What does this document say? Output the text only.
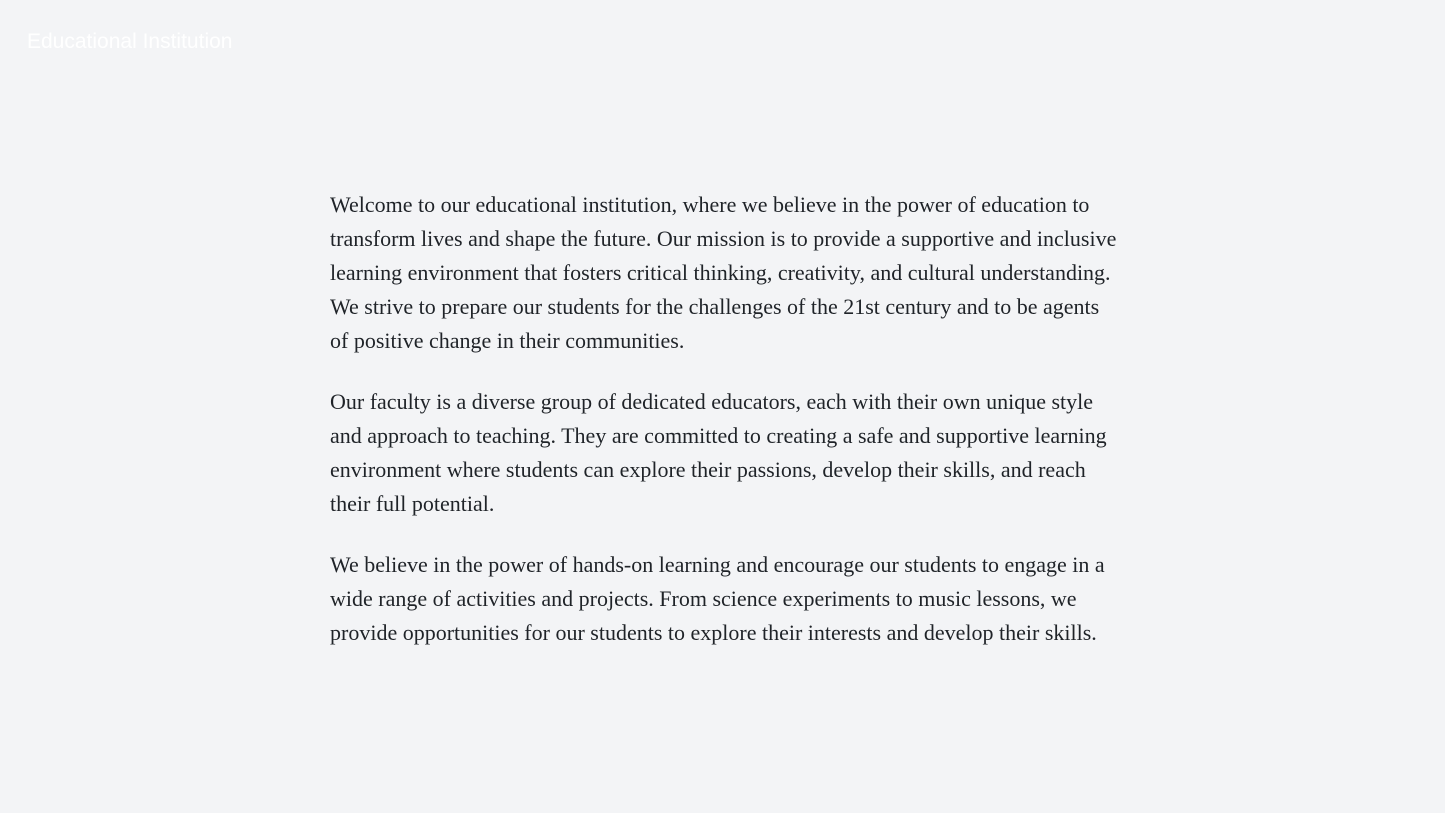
Educational Institution

Welcome to our educational institution, where we believe in the power of education to transform lives and shape the future. Our mission is to provide a supportive and inclusive learning environment that fosters critical thinking, creativity, and cultural understanding. We strive to prepare our students for the challenges of the 21st century and to be agents of positive change in their communities.

Our faculty is a diverse group of dedicated educators, each with their own unique style and approach to teaching. They are committed to creating a safe and supportive learning environment where students can explore their passions, develop their skills, and reach their full potential.

We believe in the power of hands-on learning and encourage our students to engage in a wide range of activities and projects. From science experiments to music lessons, we provide opportunities for our students to explore their interests and develop their skills.
